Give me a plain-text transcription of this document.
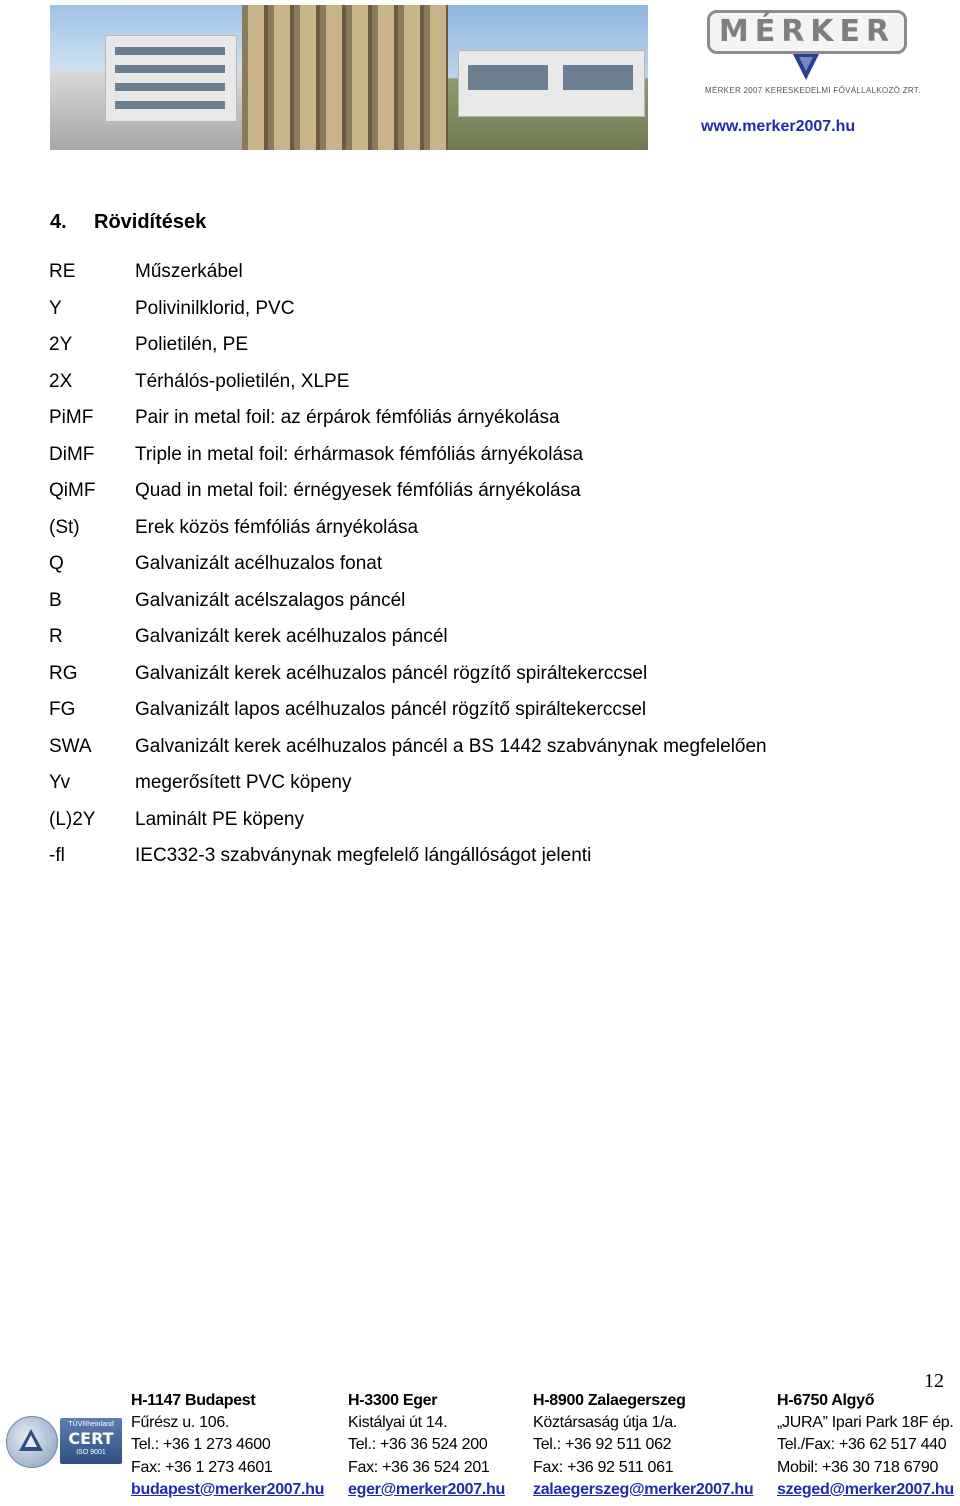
MÉRKER
MÉRKER 2007 KERESKEDELMI FŐVÁLLALKOZÓ ZRT.
www.merker2007.hu
4. Rövidítések
RE	Műszerkábel
Y	Polivinilklorid, PVC
2Y	Polietilén, PE
2X	Térhálós-polietilén, XLPE
PiMF	Pair in metal foil: az érpárok fémfóliás árnyékolása
DiMF	Triple in metal foil: érhármasok fémfóliás árnyékolása
QiMF	Quad in metal foil: érnégyesek fémfóliás árnyékolása
(St)	Erek közös fémfóliás árnyékolása
Q	Galvanizált acélhuzalos fonat
B	Galvanizált acélszalagos páncél
R	Galvanizált kerek acélhuzalos páncél
RG	Galvanizált kerek acélhuzalos páncél rögzítő spiráltekerccsel
FG	Galvanizált lapos acélhuzalos páncél rögzítő spiráltekerccsel
SWA	Galvanizált kerek acélhuzalos páncél a BS 1442 szabványnak megfelelően
Yv	megerősített PVC köpeny
(L)2Y	Laminált PE köpeny
-fl	IEC332-3 szabványnak megfelelő lángállóságot jelenti
12
TÜVRheinland
CERT
ISO 9001
H-1147 Budapest
Fűrész u. 106.
Tel.: +36 1 273 4600
Fax: +36 1 273 4601
budapest@merker2007.hu
H-3300 Eger
Kistályai út 14.
Tel.: +36 36 524 200
Fax: +36 36 524 201
eger@merker2007.hu
H-8900 Zalaegerszeg
Köztársaság útja 1/a.
Tel.: +36 92 511 062
Fax: +36 92 511 061
zalaegerszeg@merker2007.hu
H-6750 Algyő
„JURA” Ipari Park 18F ép.
Tel./Fax: +36 62 517 440
Mobil: +36 30 718 6790
szeged@merker2007.hu
